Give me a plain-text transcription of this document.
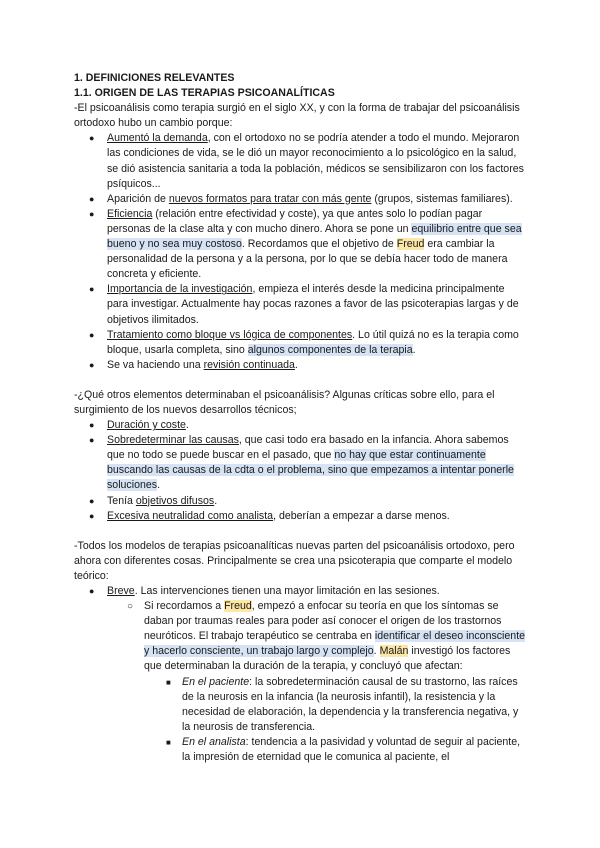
1. DEFINICIONES RELEVANTES

1.1. ORIGEN DE LAS TERAPIAS PSICOANALÍTICAS

-El psicoanálisis como terapia surgió en el siglo XX, y con la forma de trabajar del psicoanálisis ortodoxo hubo un cambio porque:

● Aumentó la demanda, con el ortodoxo no se podría atender a todo el mundo. Mejoraron las condiciones de vida, se le dió un mayor reconocimiento a lo psicológico en la salud, se dió asistencia sanitaria a toda la población, médicos se sensibilizaron con los factores psíquicos...
● Aparición de nuevos formatos para tratar con más gente (grupos, sistemas familiares).
● Eficiencia (relación entre efectividad y coste), ya que antes solo lo podían pagar personas de la clase alta y con mucho dinero. Ahora se pone un equilibrio entre que sea bueno y no sea muy costoso. Recordamos que el objetivo de Freud era cambiar la personalidad de la persona y a la persona, por lo que se debía hacer todo de manera concreta y eficiente.
● Importancia de la investigación, empieza el interés desde la medicina principalmente para investigar. Actualmente hay pocas razones a favor de las psicoterapias largas y de objetivos ilimitados.
● Tratamiento como bloque vs lógica de componentes. Lo útil quizá no es la terapia como bloque, usarla completa, sino algunos componentes de la terapia.
● Se va haciendo una revisión continuada.

-¿Qué otros elementos determinaban el psicoanálisis? Algunas críticas sobre ello, para el surgimiento de los nuevos desarrollos técnicos;

● Duración y coste.
● Sobredeterminar las causas, que casi todo era basado en la infancia. Ahora sabemos que no todo se puede buscar en el pasado, que no hay que estar continuamente buscando las causas de la cdta o el problema, sino que empezamos a intentar ponerle soluciones.
● Tenía objetivos difusos.
● Excesiva neutralidad como analista, deberían a empezar a darse menos.

-Todos los modelos de terapias psicoanalíticas nuevas parten del psicoanálisis ortodoxo, pero ahora con diferentes cosas. Principalmente se crea una psicoterapia que comparte el modelo teórico:

● Breve. Las intervenciones tienen una mayor limitación en las sesiones.
○ Si recordamos a Freud, empezó a enfocar su teoría en que los síntomas se daban por traumas reales para poder así conocer el origen de los trastornos neuróticos. El trabajo terapéutico se centraba en identificar el deseo inconsciente y hacerlo consciente, un trabajo largo y complejo. Malán investigó los factores que determinaban la duración de la terapia, y concluyó que afectan:
■ En el paciente: la sobredeterminación causal de su trastorno, las raíces de la neurosis en la infancia (la neurosis infantil), la resistencia y la necesidad de elaboración, la dependencia y la transferencia negativa, y la neurosis de transferencia.
■ En el analista: tendencia a la pasividad y voluntad de seguir al paciente, la impresión de eternidad que le comunica al paciente, el
